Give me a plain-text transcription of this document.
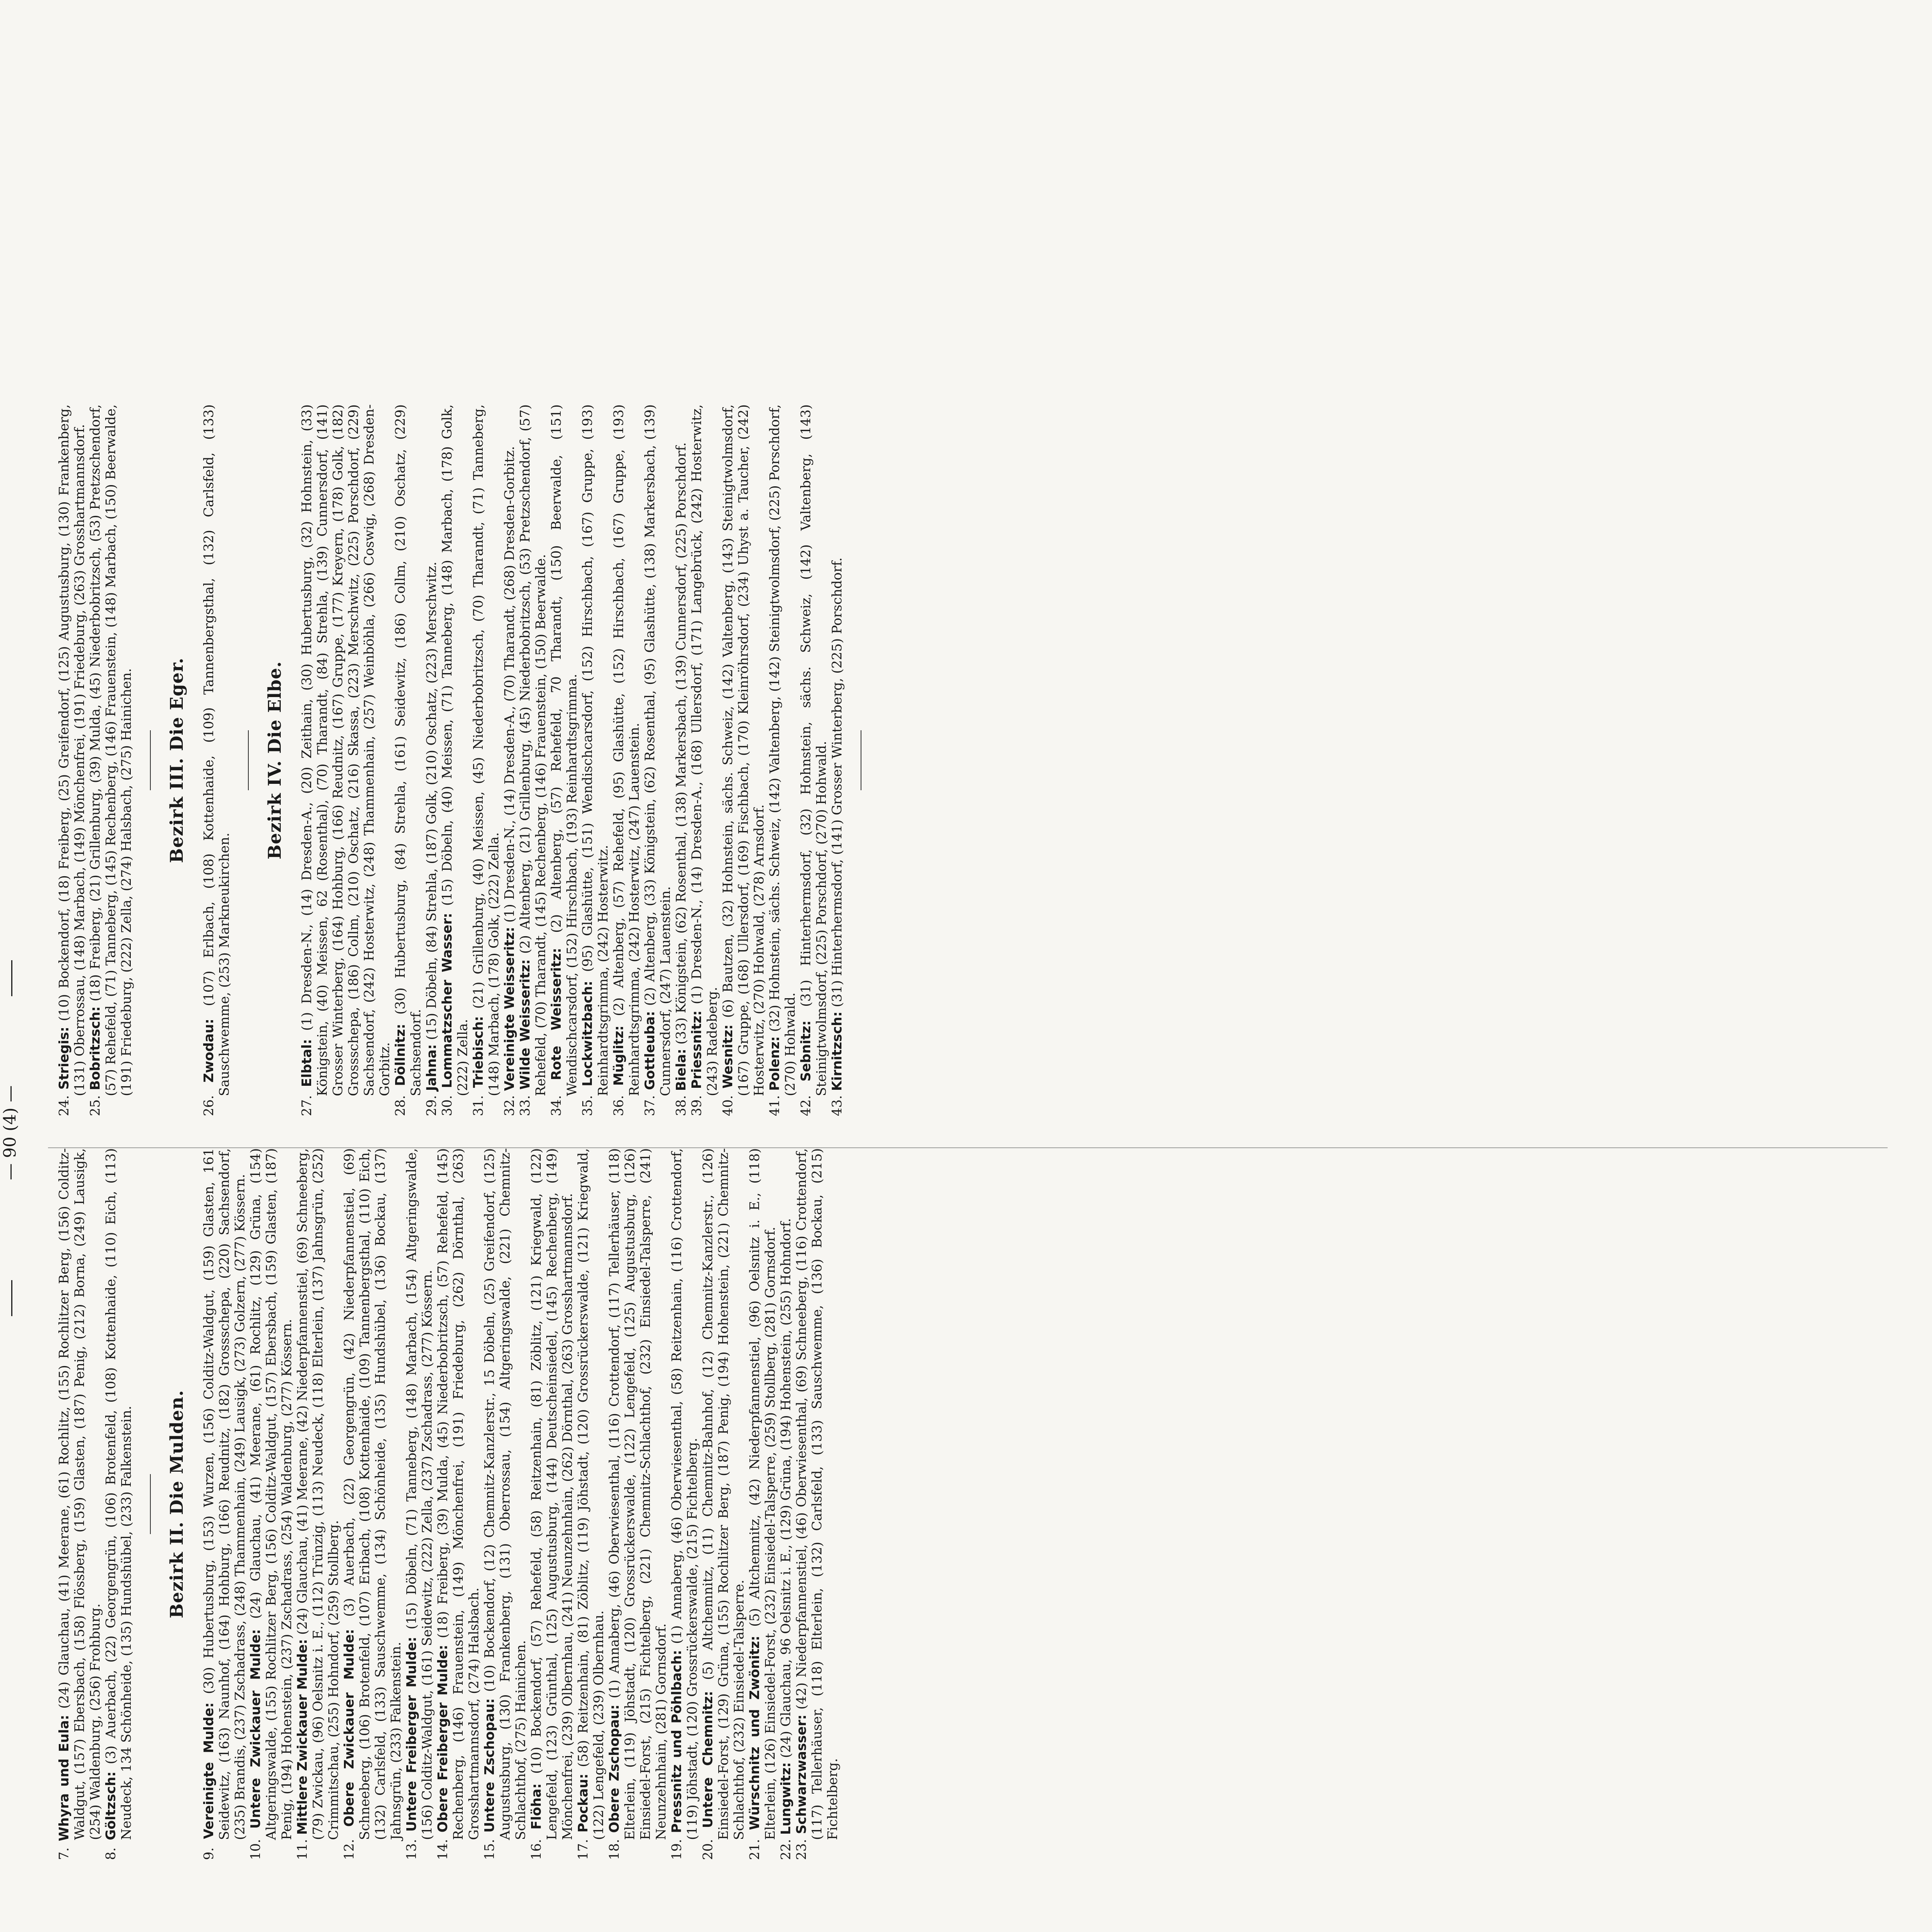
— 90 (4) —

7. Whyra und Eula: (24) Glauchau, (41) Meerane, (61) Rochlitz, (155) Rochlitzer Berg, (156) Colditz-Waldgut, (157) Ebersbach, (158) Flössberg, (159) Glasten, (187) Penig, (212) Borna, (249) Lausigk, (254) Waldenburg, (256) Frohburg.

8. Göltzsch: (3) Auerbach, (22) Georgengrün, (106) Brotenfeld, (108) Kottenhaide, (110) Eich, (113) Neudeck, 134 Schönheide, (135) Hundshübel, (233) Falkenstein. Bezirk II. Die Mulden.

9. Vereinigte Mulde: (30) Hubertusburg, (153) Wurzen, (156) Colditz-Waldgut, (159) Glasten, 161 Seidewitz, (163) Naunhof, (164) Hohburg, (166) Reudnitz, (182) Grossschepa, (220) Sachsendorf, (235) Brandis, (237) Zschadrass, (248) Thammenhain, (249) Lausigk, (273) Golzern, (277) Kössern.

10. Untere Zwickauer Mulde: (24) Glauchau, (41) Meerane, (61) Rochlitz, (129) Grüna, (154) Altgeringswalde, (155) Rochlitzer Berg, (156) Colditz-Waldgut, (157) Ebersbach, (159) Glasten, (187) Penig, (194) Hohenstein, (237) Zschadrass, (254) Waldenburg, (277) Kössern.

11. Mittlere Zwickauer Mulde: (24) Glauchau, (41) Meerane, (42) Niederpfannenstiel, (69) Schneeberg, (79) Zwickau, (96) Oelsnitz i. E., (112) Trünzig, (113) Neudeck, (118) Elterlein, (137) Jahnsgrün, (252) Crimmitschau, (255) Hohndorf, (259) Stollberg.

12. Obere Zwickauer Mulde: (3) Auerbach, (22) Georgengrün, (42) Niederpfannenstiel, (69) Schneeberg, (106) Brotenfeld, (107) Eribach, (108) Kottenhaide, (109) Tannenbergsthal, (110) Eich, (132) Carlsfeld, (133) Sauschwemme, (134) Schönheide, (135) Hundshübel, (136) Bockau, (137) Jahnsgrün, (233) Falkenstein.

13. Untere Freiberger Mulde: (15) Döbeln, (71) Tanneberg, (148) Marbach, (154) Altgeringswalde, (156) Colditz-Waldgut, (161) Seidewitz, (222) Zella, (237) Zschadrass, (277) Kössern.

14. Obere Freiberger Mulde: (18) Freiberg, (39) Mulda, (45) Niederbobritzsch, (57) Rehefeld, (145) Rechenberg, (146) Frauenstein, (149) Mönchenfrei, (191) Friedeburg, (262) Dörnthal, (263) Grosshartmannsdorf, (274) Halsbach.

15. Untere Zschopau: (10) Bockendorf, (12) Chemnitz-Kanzlerstr., 15 Döbeln, (25) Greifendorf, (125) Augustusburg, (130) Frankenberg, (131) Oberrossau, (154) Altgeringswalde, (221) Chemnitz-Schlachthof, (275) Hainichen.

16. Flöha: (10) Bockendorf, (57) Rehefeld, (58) Reitzenhain, (81) Zöblitz, (121) Kriegwald, (122) Lengefeld, (123) Grünthal, (125) Augustusburg, (144) Deutscheinsiedel, (145) Rechenberg, (149) Mönchenfrei, (239) Olbernhau, (241) Neunzehnhain, (262) Dörnthal, (263) Grosshartmannsdorf.

17. Pockau: (58) Reitzenhain, (81) Zöblitz, (119) Jöhstadt, (120) Grossrückerswalde, (121) Kriegwald, (122) Lengefeld, (239) Olbernhau.

18. Obere Zschopau: (1) Annaberg, (46) Oberwiesenthal, (116) Crottendorf, (117) Tellerhäuser, (118) Elterlein, (119) Jöhstadt, (120) Grossrückerswalde, (122) Lengefeld, (125) Augustusburg, (126) Einsiedel-Forst, (215) Fichtelberg, (221) Chemnitz-Schlachthof, (232) Einsiedel-Talsperre, (241) Neunzehnhain, (281) Gornsdorf.

19. Pressnitz und Pöhlbach: (1) Annaberg, (46) Oberwiesenthal, (58) Reitzenhain, (116) Crottendorf, (119) Jöhstadt, (120) Grossrückerswalde, (215) Fichtelberg.

20. Untere Chemnitz: (5) Altchemnitz, (11) Chemnitz-Bahnhof, (12) Chemnitz-Kanzlerstr., (126) Einsiedel-Forst, (129) Grüna, (155) Rochlitzer Berg, (187) Penig, (194) Hohenstein, (221) Chemnitz-Schlachthof, (232) Einsiedel-Talsperre.

21. Würschnitz und Zwönitz: (5) Altchemnitz, (42) Niederpfannenstiel, (96) Oelsnitz i. E., (118) Elterlein, (126) Einsiedel-Forst, (232) Einsiedel-Talsperre, (259) Stollberg, (281) Gornsdorf.

22. Lungwitz: (24) Glauchau, 96 Oelsnitz i. E., (129) Grüna, (194) Hohenstein, (255) Hohndorf.

23. Schwarzwasser: (42) Niederpfannenstiel, (46) Oberwiesenthal, (69) Schneeberg, (116) Crottendorf, (117) Tellerhäuser, (118) Elterlein, (132) Carlsfeld, (133) Sauschwemme, (136) Bockau, (215) Fichtelberg.

24. Striegis: (10) Bockendorf, (18) Freiberg, (25) Greifendorf, (125) Augustusburg, (130) Frankenberg, (131) Oberrossau, (148) Marbach, (149) Mönchenfrei, (191) Friedeburg, (263) Grosshartmannsdorf.

25. Bobritzsch: (18) Freiberg, (21) Grillenburg, (39) Mulda, (45) Niederbobritzsch, (53) Pretzschendorf, (57) Rehefeld, (71) Tanneberg, (145) Rechenberg, (146) Frauenstein, (148) Marbach, (150) Beerwalde, (191) Friedeburg, (222) Zella, (274) Halsbach, (275) Hainichen. Bezirk III. Die Eger.

26. Zwodau: (107) Erlbach, (108) Kottenhaide, (109) Tannenbergsthal, (132) Carlsfeld, (133) Sauschwemme, (253) Markneukirchen.

Bezirk IV. Die Elbe.

27. Elbtal: (1) Dresden-N., (14) Dresden-A., (20) Zeithain, (30) Hubertusburg, (32) Hohnstein, (33) Königstein, (40) Meissen, 62 (Rosenthal), (70) Tharandt, (84) Strehla, (139) Cunnersdorf, (141) Grosser Winterberg, (164) Hohburg, (166) Reudnitz, (167) Gruppe, (177) Kreyern, (178) Golk, (182) Grossschepa, (186) Collm, (210) Oschatz, (216) Skassa, (223) Merschwitz, (225) Porschdorf, (229) Sachsendorf, (242) Hosterwitz, (248) Thammenhain, (257) Weinböhla, (266) Coswig, (268) Dresden-Gorbitz.

28. Döllnitz: (30) Hubertusburg, (84) Strehla, (161) Seidewitz, (186) Collm, (210) Oschatz, (229) Sachsendorf.

29. Jahna: (15) Döbeln, (84) Strehla, (187) Golk, (210) Oschatz, (223) Merschwitz.

30. Lommatzscher Wasser: (15) Döbeln, (40) Meissen, (71) Tanneberg, (148) Marbach, (178) Golk, (222) Zella.

31. Triebisch: (21) Grillenburg, (40) Meissen, (45) Niederbobritzsch, (70) Tharandt, (71) Tanneberg, (148) Marbach, (178) Golk, (222) Zella.

32. Vereinigte Weisseritz: (1) Dresden-N., (14) Dresden-A., (70) Tharandt, (268) Dresden-Gorbitz.

33. Wilde Weisseritz: (2) Altenberg, (21) Grillenburg, (45) Niederbobritzsch, (53) Pretzschendorf, (57) Rehefeld, (70) Tharandt, (145) Rechenberg, (146) Frauenstein, (150) Beerwalde.

34. Rote Weisseritz: (2) Altenberg, (57) Rehefeld, 70 Tharandt, (150) Beerwalde, (151) Wendischcarsdorf, (152) Hirschbach, (193) Reinhardtsgrimma.

35. Lockwitzbach: (95) Glashütte, (151) Wendischcarsdorf, (152) Hirschbach, (167) Gruppe, (193) Reinhardtsgrimma, (242) Hosterwitz.

36. Müglitz: (2) Altenberg, (57) Rehefeld, (95) Glashütte, (152) Hirschbach, (167) Gruppe, (193) Reinhardtsgrimma, (242) Hosterwitz, (247) Lauenstein.

37. Gottleuba: (2) Altenberg, (33) Königstein, (62) Rosenthal, (95) Glashütte, (138) Markersbach, (139) Cunnersdorf, (247) Lauenstein.

38. Biela: (33) Königstein, (62) Rosenthal, (138) Markersbach, (139) Cunnersdorf, (225) Porschdorf.

39. Priessnitz: (1) Dresden-N., (14) Dresden-A., (168) Ullersdorf, (171) Langebrück, (242) Hosterwitz, (243) Radeberg.

40. Wesnitz: (6) Bautzen, (32) Hohnstein, sächs. Schweiz, (142) Valtenberg, (143) Steinigtwolmsdorf, (167) Gruppe, (168) Ullersdorf, (169) Fischbach, (170) Kleinröhrsdorf, (234) Uhyst a. Taucher, (242) Hosterwitz, (270) Hohwald, (278) Arnsdorf.

41. Polenz: (32) Hohnstein, sächs. Schweiz, (142) Valtenberg, (142) Steinigtwolmsdorf, (225) Porschdorf, (270) Hohwald.

42. Sebnitz: (31) Hinterhermsdorf, (32) Hohnstein, sächs. Schweiz, (142) Valtenberg, (143) Steinigtwolmsdorf, (225) Porschdorf, (270) Hohwald.

43. Kirnitzsch: (31) Hinterhermsdorf, (141) Grosser Winterberg, (225) Porschdorf.
